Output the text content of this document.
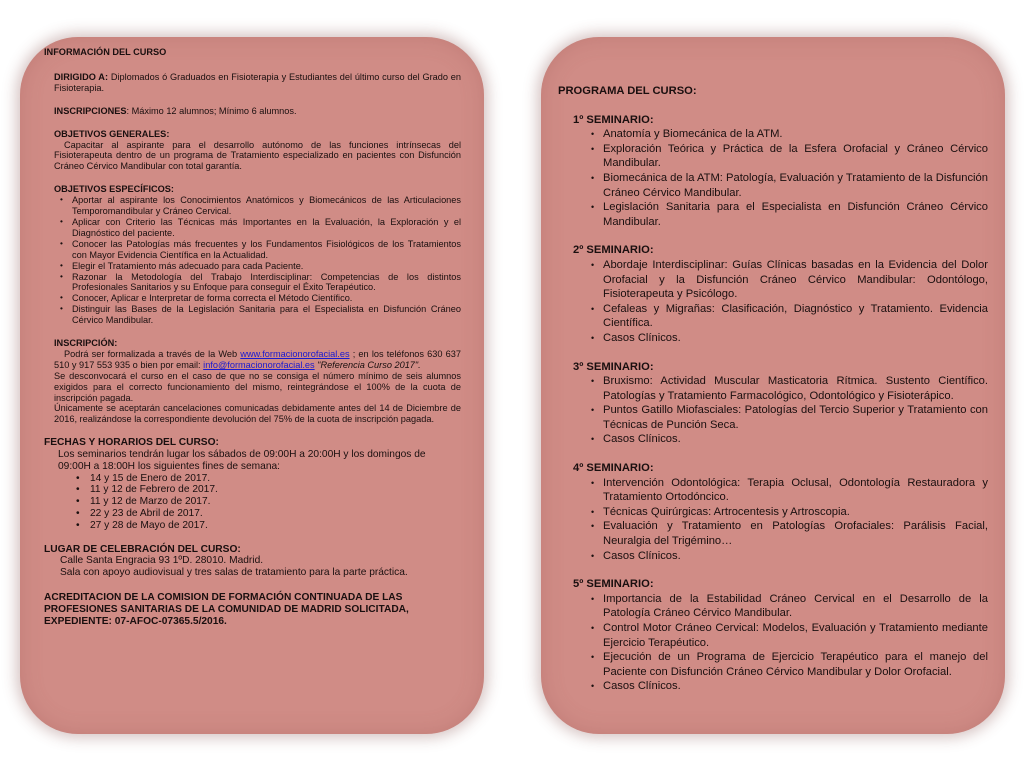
INFORMACIÓN DEL CURSO

DIRIGIDO A: Diplomados ó Graduados en Fisioterapia y Estudiantes del último curso del Grado en Fisioterapia.

INSCRIPCIONES: Máximo 12 alumnos; Mínimo 6 alumnos.

OBJETIVOS GENERALES:

Capacitar al aspirante para el desarrollo autónomo de las funciones intrínsecas del Fisioterapeuta dentro de un programa de Tratamiento especializado en pacientes con Disfunción Cráneo Cérvico Mandibular con total garantía.

OBJETIVOS ESPECÍFICOS:

• Aportar al aspirante los Conocimientos Anatómicos y Biomecánicos de las Articulaciones Temporomandibular y Cráneo Cervical.
• Aplicar con Criterio las Técnicas más Importantes en la Evaluación, la Exploración y el Diagnóstico del paciente.
• Conocer las Patologías más frecuentes y los Fundamentos Fisiológicos de los Tratamientos con Mayor Evidencia Científica en la Actualidad.
• Elegir el Tratamiento más adecuado para cada Paciente.
• Razonar la Metodología del Trabajo Interdisciplinar: Competencias de los distintos Profesionales Sanitarios y su Enfoque para conseguir el Éxito Terapéutico.
• Conocer, Aplicar e Interpretar de forma correcta el Método Científico.
• Distinguir las Bases de la Legislación Sanitaria para el Especialista en Disfunción Cráneo Cérvico Mandibular.

INSCRIPCIÓN:

Podrá ser formalizada a través de la Web www.formacionorofacial.es ; en los teléfonos 630 637 510 y 917 553 935 o bien por email: info@formacionorofacial.es "Referencia Curso 2017".

Se desconvocará el curso en el caso de que no se consiga el número mínimo de seis alumnos exigidos para el correcto funcionamiento del mismo, reintegrándose el 100% de la cuota de inscripción pagada.

Únicamente se aceptarán cancelaciones comunicadas debidamente antes del 14 de Diciembre de 2016, realizándose la correspondiente devolución del 75% de la cuota de inscripción pagada.

FECHAS Y HORARIOS DEL CURSO:

Los seminarios tendrán lugar los sábados de 09:00H a 20:00H y los domingos de 09:00H a 18:00H los siguientes fines de semana:

• 14 y 15 de Enero de 2017.
• 11 y 12 de Febrero de 2017.
• 11 y 12 de Marzo de 2017.
• 22 y 23 de Abril de 2017.
• 27 y 28 de Mayo de 2017.

LUGAR DE CELEBRACIÓN DEL CURSO:

Calle Santa Engracia 93 1ºD. 28010. Madrid.

Sala con apoyo audiovisual y tres salas de tratamiento para la parte práctica.

ACREDITACION DE LA COMISION DE FORMACIÓN CONTINUADA DE LAS PROFESIONES SANITARIAS DE LA COMUNIDAD DE MADRID SOLICITADA, EXPEDIENTE: 07-AFOC-07365.5/2016.

PROGRAMA DEL CURSO:

1º SEMINARIO:

• Anatomía y Biomecánica de la ATM.
• Exploración Teórica y Práctica de la Esfera Orofacial y Cráneo Cérvico Mandibular.
• Biomecánica de la ATM: Patología, Evaluación y Tratamiento de la Disfunción Cráneo Cérvico Mandibular.
• Legislación Sanitaria para el Especialista en Disfunción Cráneo Cérvico Mandibular.

2º SEMINARIO:

• Abordaje Interdisciplinar: Guías Clínicas basadas en la Evidencia del Dolor Orofacial y la Disfunción Cráneo Cérvico Mandibular: Odontólogo, Fisioterapeuta y Psicólogo.
• Cefaleas y Migrañas: Clasificación, Diagnóstico y Tratamiento. Evidencia Científica.
• Casos Clínicos.

3º SEMINARIO:

• Bruxismo: Actividad Muscular Masticatoria Rítmica. Sustento Científico. Patologías y Tratamiento Farmacológico, Odontológico y Fisioterápico.
• Puntos Gatillo Miofasciales: Patologías del Tercio Superior y Tratamiento con Técnicas de Punción Seca.
• Casos Clínicos.

4º SEMINARIO:

• Intervención Odontológica: Terapia Oclusal, Odontología Restauradora y Tratamiento Ortodóncico.
• Técnicas Quirúrgicas: Artrocentesis y Artroscopia.
• Evaluación y Tratamiento en Patologías Orofaciales: Parálisis Facial, Neuralgia del Trigémino…
• Casos Clínicos.

5º SEMINARIO:

• Importancia de la Estabilidad Cráneo Cervical en el Desarrollo de la Patología Cráneo Cérvico Mandibular.
• Control Motor Cráneo Cervical: Modelos, Evaluación y Tratamiento mediante Ejercicio Terapéutico.
• Ejecución de un Programa de Ejercicio Terapéutico para el manejo del Paciente con Disfunción Cráneo Cérvico Mandibular y Dolor Orofacial.
• Casos Clínicos.
